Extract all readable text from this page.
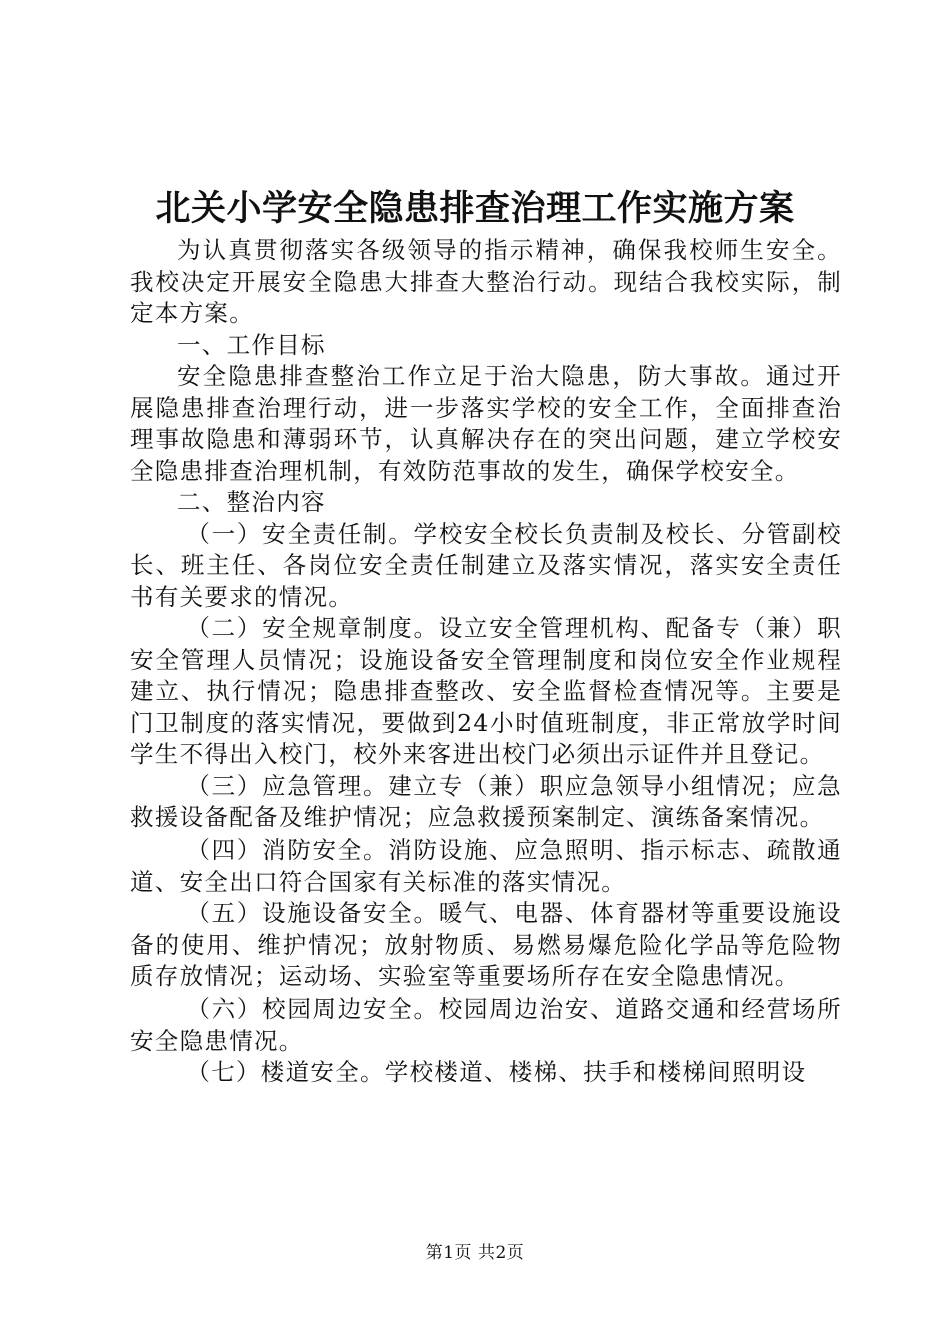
北关小学安全隐患排查治理工作实施方案

为认真贯彻落实各级领导的指示精神，确保我校师生安全。我校决定开展安全隐患大排查大整治行动。现结合我校实际，制定本方案。

一、工作目标

安全隐患排查整治工作立足于治大隐患，防大事故。通过开展隐患排查治理行动，进一步落实学校的安全工作，全面排查治理事故隐患和薄弱环节，认真解决存在的突出问题，建立学校安全隐患排查治理机制，有效防范事故的发生，确保学校安全。

二、整治内容

（一）安全责任制。学校安全校长负责制及校长、分管副校长、班主任、各岗位安全责任制建立及落实情况，落实安全责任书有关要求的情况。

（二）安全规章制度。设立安全管理机构、配备专（兼）职安全管理人员情况；设施设备安全管理制度和岗位安全作业规程建立、执行情况；隐患排查整改、安全监督检查情况等。主要是门卫制度的落实情况，要做到24小时值班制度，非正常放学时间学生不得出入校门，校外来客进出校门必须出示证件并且登记。

（三）应急管理。建立专（兼）职应急领导小组情况；应急救援设备配备及维护情况；应急救援预案制定、演练备案情况。

（四）消防安全。消防设施、应急照明、指示标志、疏散通道、安全出口符合国家有关标准的落实情况。

（五）设施设备安全。暖气、电器、体育器材等重要设施设备的使用、维护情况；放射物质、易燃易爆危险化学品等危险物质存放情况；运动场、实验室等重要场所存在安全隐患情况。

（六）校园周边安全。校园周边治安、道路交通和经营场所安全隐患情况。

（七）楼道安全。学校楼道、楼梯、扶手和楼梯间照明设

第1页 共2页
